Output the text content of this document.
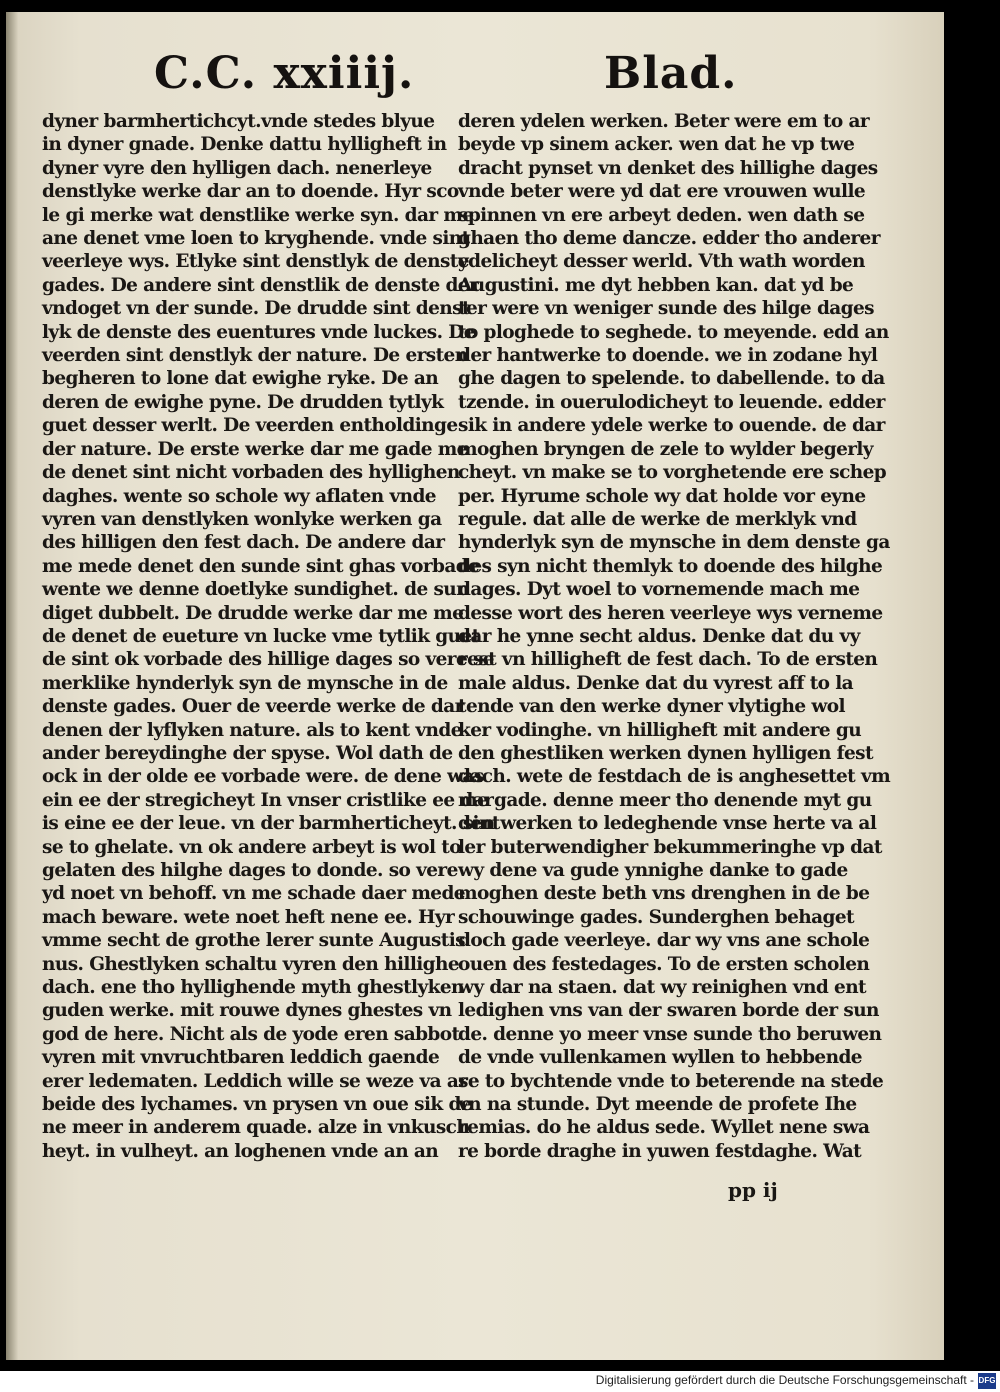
C.C. xxiiij.	Blad.
dyner barmhertichcyt.vnde stedes blyue
in dyner gnade. Denke dattu hylligheft in
dyner vyre den hylligen dach. nenerleye
denstlyke werke dar an to doende. Hyr sco
le gi merke wat denstlike werke syn. dar me
ane denet vme loen to kryghende. vnde sint
veerleye wys. Etlyke sint denstlyk de denste
gades. De andere sint denstlik de denste der
vndoget vn der sunde. De drudde sint denst
lyk de denste des euentures vnde luckes. De
veerden sint denstlyk der nature. De ersten
begheren to lone dat ewighe ryke. De an
deren de ewighe pyne. De drudden tytlyk
guet desser werlt. De veerden entholdinge
der nature. De erste werke dar me gade me
de denet sint nicht vorbaden des hyllighen
daghes. wente so schole wy aflaten vnde
vyren van denstlyken wonlyke werken ga
des hilligen den fest dach. De andere dar
me mede denet den sunde sint ghas vorbade
wente we denne doetlyke sundighet. de sun
diget dubbelt. De drudde werke dar me me
de denet de eueture vn lucke vme tytlik guet
de sint ok vorbade des hillige dages so vere se
merklike hynderlyk syn de mynsche in de
denste gades. Ouer de veerde werke de dar
denen der lyflyken nature. als to kent vnde
ander bereydinghe der spyse. Wol dath de
ock in der olde ee vorbade were. de dene was
ein ee der stregicheyt In vnser cristlike ee dar
is eine ee der leue. vn der barmherticheyt. sint
se to ghelate. vn ok andere arbeyt is wol to
gelaten des hilghe dages to donde. so vere
yd noet vn behoff. vn me schade daer mede
mach beware. wete noet heft nene ee. Hyr
vmme secht de grothe lerer sunte Augustis
nus. Ghestlyken schaltu vyren den hillighe
dach. ene tho hyllighende myth ghestlyken
guden werke. mit rouwe dynes ghestes vn
god de here. Nicht als de yode eren sabbot
vyren mit vnvruchtbaren leddich gaende
erer ledematen. Leddich wille se weze va ar
beide des lychames. vn prysen vn oue sik de
ne meer in anderem quade. alze in vnkusch
heyt. in vulheyt. an loghenen vnde an an
deren ydelen werken. Beter were em to ar
beyde vp sinem acker. wen dat he vp twe
dracht pynset vn denket des hillighe dages
vnde beter were yd dat ere vrouwen wulle
spinnen vn ere arbeyt deden. wen dath se
ghaen tho deme dancze. edder tho anderer
ydelicheyt desser werld. Vth wath worden
Augustini. me dyt hebben kan. dat yd be
ter were vn weniger sunde des hilge dages
to ploghede to seghede. to meyende. edd an
der hantwerke to doende. we in zodane hyl
ghe dagen to spelende. to dabellende. to da
tzende. in ouerulodicheyt to leuende. edder
sik in andere ydele werke to ouende. de dar
moghen bryngen de zele to wylder begerly
cheyt. vn make se to vorghetende ere schep
per. Hyrume schole wy dat holde vor eyne
regule. dat alle de werke de merklyk vnd
hynderlyk syn de mynsche in dem denste ga
des syn nicht themlyk to doende des hilghe
dages. Dyt woel to vornemende mach me
desse wort des heren veerleye wys verneme
dar he ynne secht aldus. Denke dat du vy
rest vn hilligheft de fest dach. To de ersten
male aldus. Denke dat du vyrest aff to la
tende van den werke dyner vlytighe wol
ker vodinghe. vn hilligheft mit andere gu
den ghestliken werken dynen hylligen fest
dach. wete de festdach de is anghesettet vm
me gade. denne meer tho denende myt gu
den werken to ledeghende vnse herte va al
ler buterwendigher bekummeringhe vp dat
wy dene va gude ynnighe danke to gade
moghen deste beth vns drenghen in de be
schouwinge gades. Sunderghen behaget
doch gade veerleye. dar wy vns ane schole
ouen des festedages. To de ersten scholen
wy dar na staen. dat wy reinighen vnd ent
ledighen vns van der swaren borde der sun
de. denne yo meer vnse sunde tho beruwen
de vnde vullenkamen wyllen to hebbende
se to bychtende vnde to beterende na stede
vn na stunde. Dyt meende de profete Ihe
remias. do he aldus sede. Wyllet nene swa
re borde draghe in yuwen festdaghe. Wat
pp ij
Digitalisierung gefördert durch die Deutsche Forschungsgemeinschaft - DFG
